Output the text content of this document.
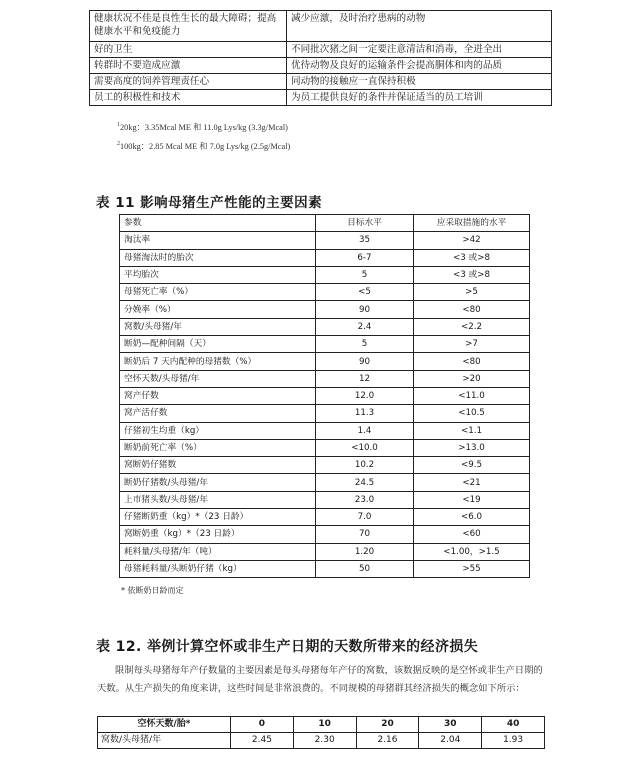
健康状况不佳是良性生长的最大障碍；提高健康水平和免疫能力	减少应激，及时治疗患病的动物
好的卫生	不同批次猪之间一定要注意清洁和消毒，全进全出
转群时不要造成应激	优待动物及良好的运输条件会提高胴体和肉的品质
需要高度的饲养管理责任心	同动物的接触应一直保持积极
员工的积极性和技术	为员工提供良好的条件并保证适当的员工培训
$^1$20kg：3.35Mcal ME 和 11.0g Lys/kg (3.3g/Mcal)
$^2$100kg：2.85 Mcal ME 和 7.0g Lys/kg (2.5g/Mcal)
表 11 影响母猪生产性能的主要因素
参数	目标水平	应采取措施的水平
淘汰率	35	>42
母猪淘汰时的胎次	6-7	<3 或>8
平均胎次	5	<3 或>8
母猪死亡率（%）	<5	>5
分娩率（%）	90	<80
窝数/头母猪/年	2.4	<2.2
断奶—配种间隔（天）	5	>7
断奶后 7 天内配种的母猪数（%）	90	<80
空怀天数/头母猪/年	12	>20
窝产仔数	12.0	<11.0
窝产活仔数	11.3	<10.5
仔猪初生均重（kg）	1.4	<1.1
断奶前死亡率（%）	<10.0	>13.0
窝断奶仔猪数	10.2	<9.5
断奶仔猪数/头母猪/年	24.5	<21
上市猪头数/头母猪/年	23.0	<19
仔猪断奶重（kg）*（23 日龄）	7.0	<6.0
窝断奶重（kg）*（23 日龄）	70	<60
耗料量/头母猪/年（吨）	1.20	<1.00，>1.5
母猪耗料量/头断奶仔猪（kg）	50	>55
* 依断奶日龄而定
表 12. 举例计算空怀或非生产日期的天数所带来的经济损失
限制每头母猪每年产仔数量的主要因素是每头母猪每年产仔的窝数，该数据反映的是空怀或非生产日期的天数。从生产损失的角度来讲，这些时间是非常浪费的。不同规模的母猪群其经济损失的概念如下所示：
空怀天数/胎*	0	10	20	30	40
窝数/头母猪/年	2.45	2.30	2.16	2.04	1.93
